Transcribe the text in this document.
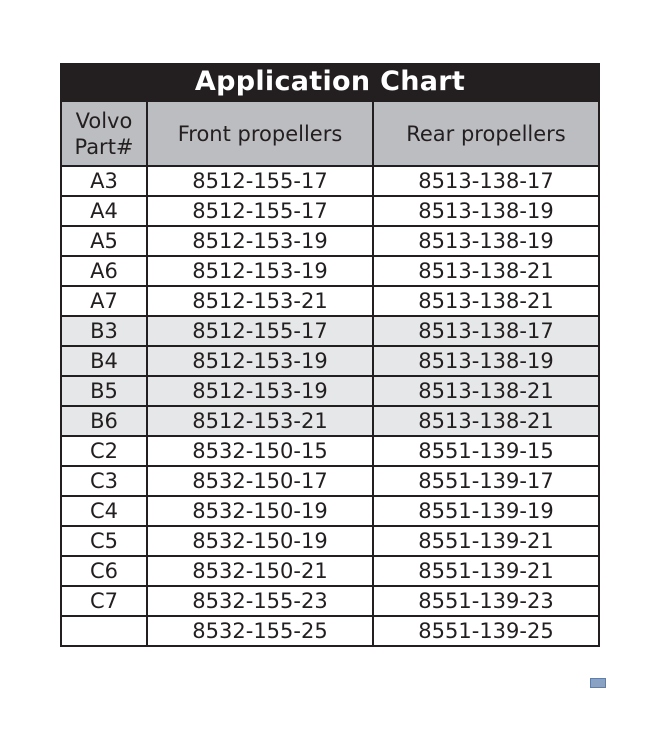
Application Chart
Volvo
Part#	Front propellers	Rear propellers
A3	8512-155-17	8513-138-17
A4	8512-155-17	8513-138-19
A5	8512-153-19	8513-138-19
A6	8512-153-19	8513-138-21
A7	8512-153-21	8513-138-21
B3	8512-155-17	8513-138-17
B4	8512-153-19	8513-138-19
B5	8512-153-19	8513-138-21
B6	8512-153-21	8513-138-21
C2	8532-150-15	8551-139-15
C3	8532-150-17	8551-139-17
C4	8532-150-19	8551-139-19
C5	8532-150-19	8551-139-21
C6	8532-150-21	8551-139-21
C7	8532-155-23	8551-139-23
	8532-155-25	8551-139-25
